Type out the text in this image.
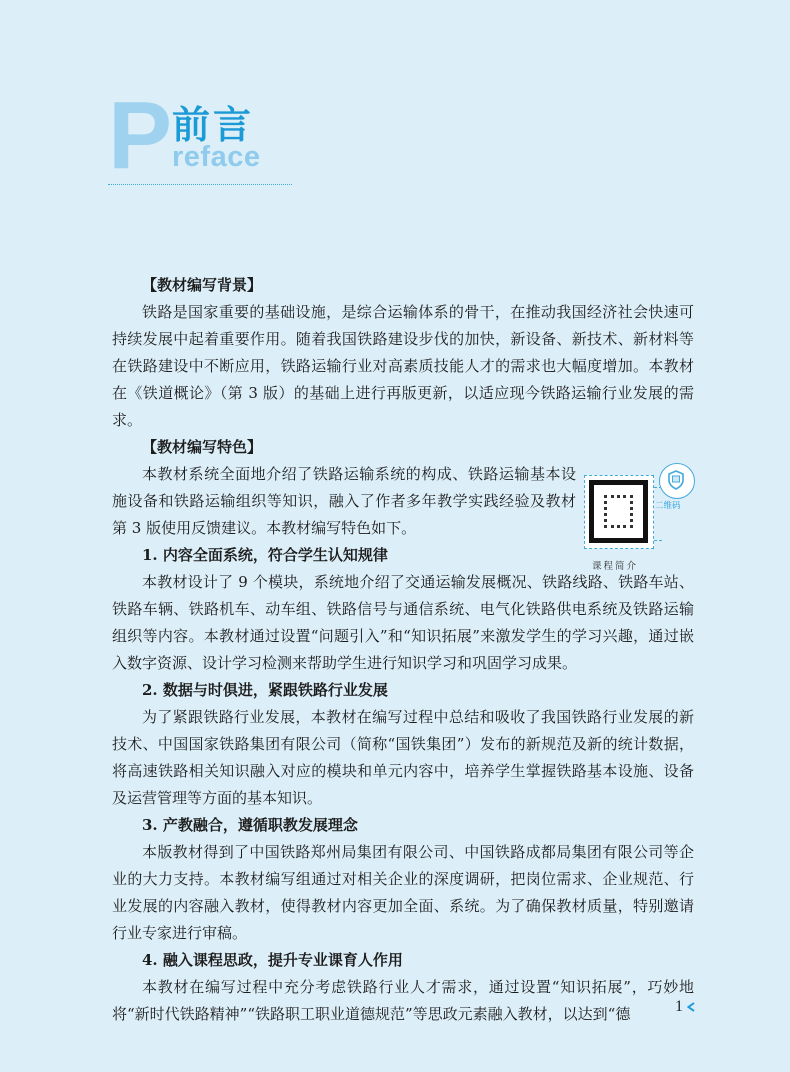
P 前言
reface

【教材编写背景】

铁路是国家重要的基础设施，是综合运输体系的骨干，在推动我国经济社会快速可持续发展中起着重要作用。随着我国铁路建设步伐的加快，新设备、新技术、新材料等在铁路建设中不断应用，铁路运输行业对高素质技能人才的需求也大幅度增加。本教材在《铁道概论》（第 3 版）的基础上进行再版更新，以适应现今铁路运输行业发展的需求。

【教材编写特色】

本教材系统全面地介绍了铁路运输系统的构成、铁路运输基本设施设备和铁路运输组织等知识，融入了作者多年教学实践经验及教材第 3 版使用反馈建议。本教材编写特色如下。

二维码
课程简介

1. 内容全面系统，符合学生认知规律

本教材设计了 9 个模块，系统地介绍了交通运输发展概况、铁路线路、铁路车站、铁路车辆、铁路机车、动车组、铁路信号与通信系统、电气化铁路供电系统及铁路运输组织等内容。本教材通过设置“问题引入”和“知识拓展”来激发学生的学习兴趣，通过嵌入数字资源、设计学习检测来帮助学生进行知识学习和巩固学习成果。

2. 数据与时俱进，紧跟铁路行业发展

为了紧跟铁路行业发展，本教材在编写过程中总结和吸收了我国铁路行业发展的新技术、中国国家铁路集团有限公司（简称“国铁集团”）发布的新规范及新的统计数据，将高速铁路相关知识融入对应的模块和单元内容中，培养学生掌握铁路基本设施、设备及运营管理等方面的基本知识。

3. 产教融合，遵循职教发展理念

本版教材得到了中国铁路郑州局集团有限公司、中国铁路成都局集团有限公司等企业的大力支持。本教材编写组通过对相关企业的深度调研，把岗位需求、企业规范、行业发展的内容融入教材，使得教材内容更加全面、系统。为了确保教材质量，特别邀请行业专家进行审稿。

4. 融入课程思政，提升专业课育人作用

本教材在编写过程中充分考虑铁路行业人才需求，通过设置“知识拓展”，巧妙地将“新时代铁路精神”“铁路职工职业道德规范”等思政元素融入教材，以达到“德	1
